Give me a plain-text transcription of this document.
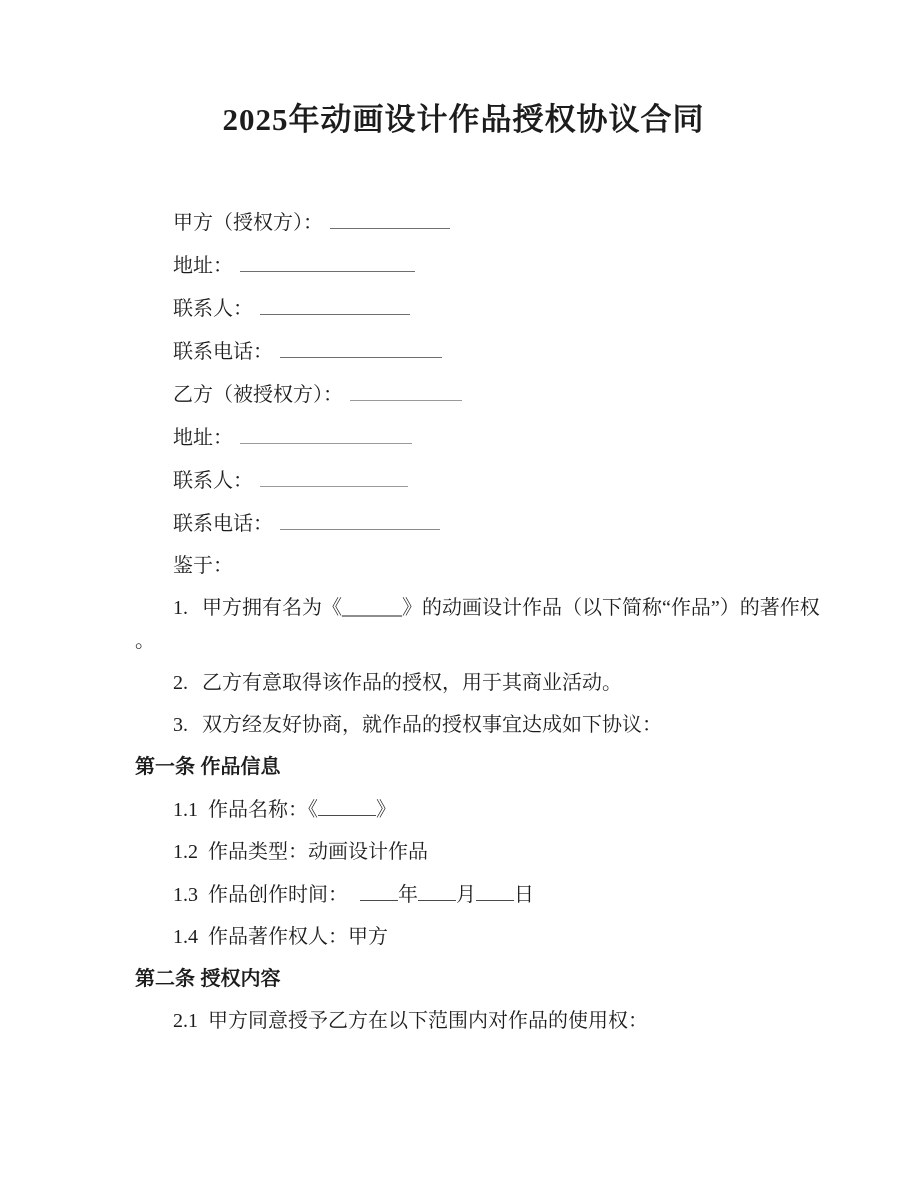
2025年动画设计作品授权协议合同
甲方（授权方）：
地址：
联系人：
联系电话：
乙方（被授权方）：
地址：
联系人：
联系电话：
鉴于：
1. 甲方拥有名为《______》的动画设计作品（以下简称“作品”）的著作权
。
2. 乙方有意取得该作品的授权，用于其商业活动。
3. 双方经友好协商，就作品的授权事宜达成如下协议：
第一条 作品信息
1.1 作品名称：《	》
1.2 作品类型：动画设计作品
1.3 作品创作时间：	年 月 日
1.4 作品著作权人：甲方
第二条 授权内容
2.1 甲方同意授予乙方在以下范围内对作品的使用权：
